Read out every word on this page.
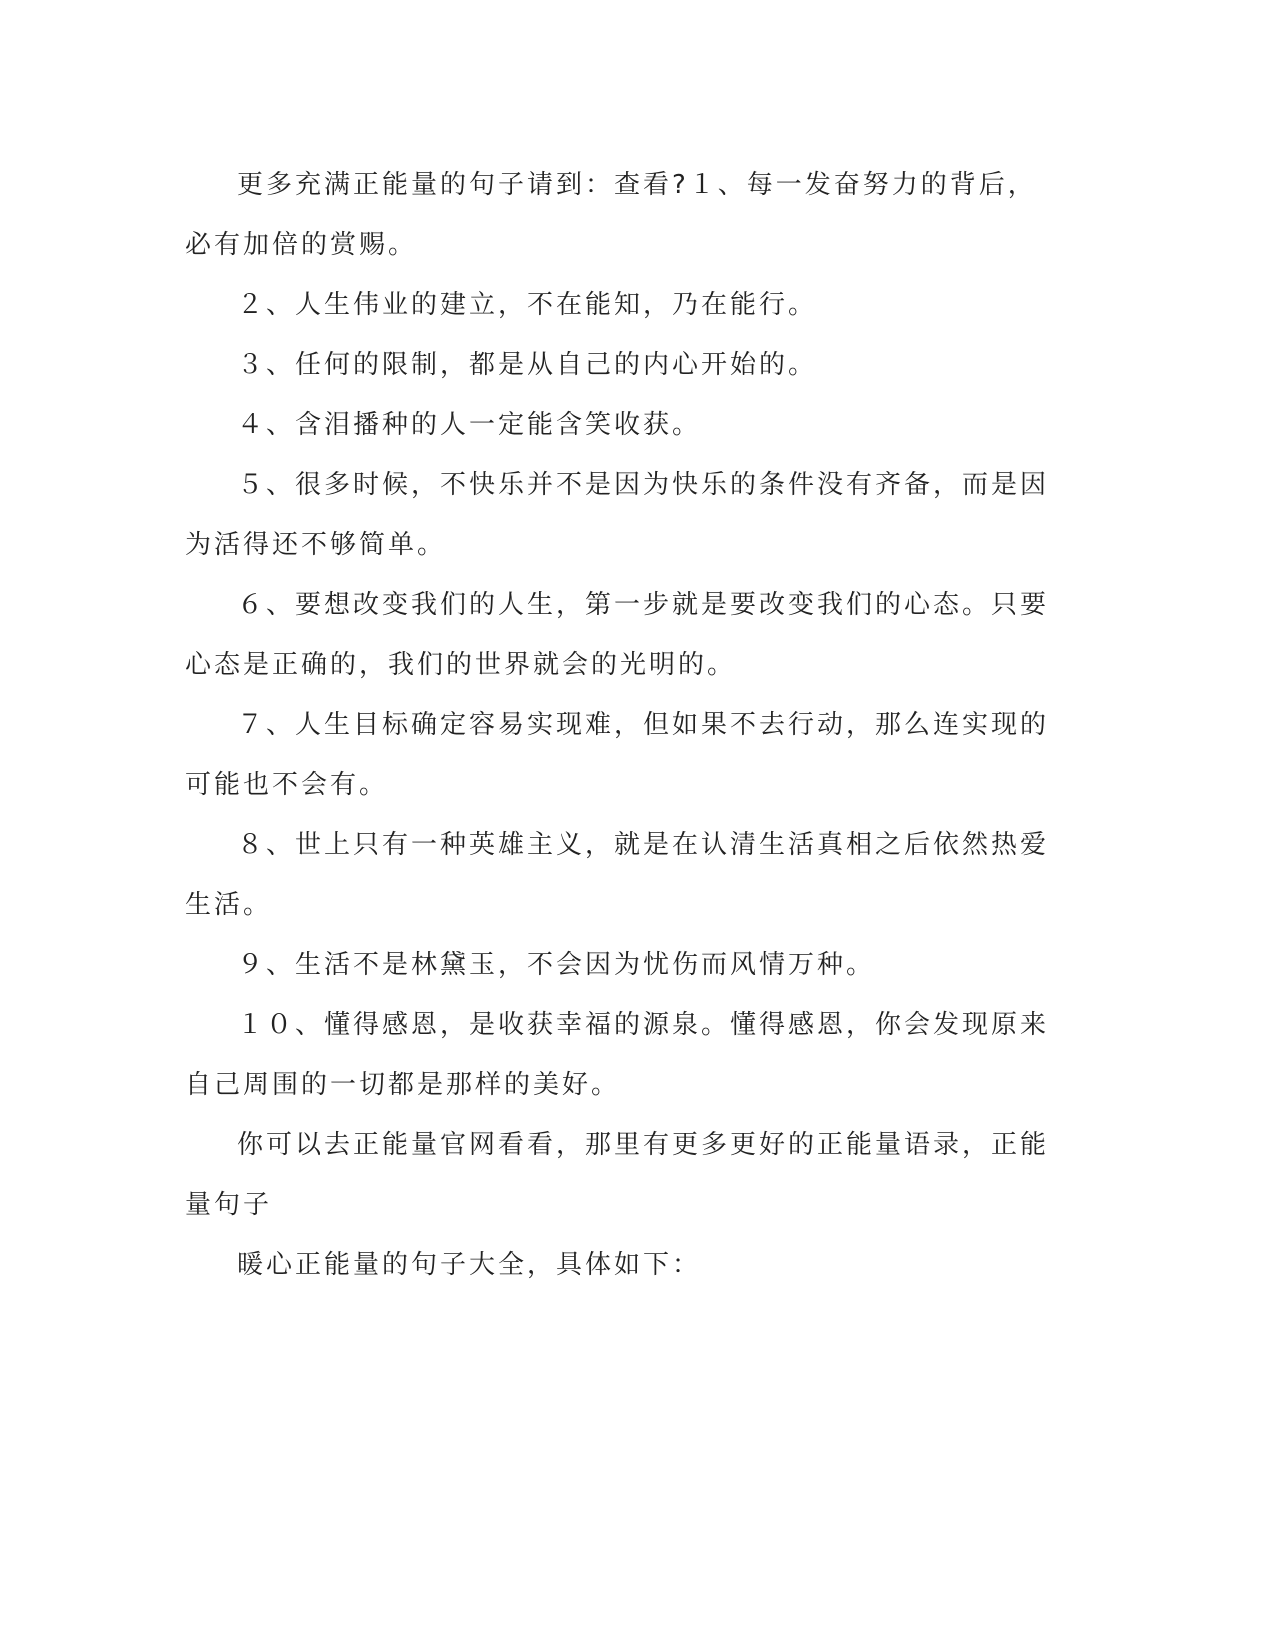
更多充满正能量的句子请到：查看?１、每一发奋努力的背后，必有加倍的赏赐。

２、人生伟业的建立，不在能知，乃在能行。

３、任何的限制，都是从自己的内心开始的。

４、含泪播种的人一定能含笑收获。

５、很多时候，不快乐并不是因为快乐的条件没有齐备，而是因为活得还不够简单。

６、要想改变我们的人生，第一步就是要改变我们的心态。只要心态是正确的，我们的世界就会的光明的。

７、人生目标确定容易实现难，但如果不去行动，那么连实现的可能也不会有。

８、世上只有一种英雄主义，就是在认清生活真相之后依然热爱生活。

９、生活不是林黛玉，不会因为忧伤而风情万种。

１０、懂得感恩，是收获幸福的源泉。懂得感恩，你会发现原来自己周围的一切都是那样的美好。

你可以去正能量官网看看，那里有更多更好的正能量语录，正能量句子

暖心正能量的句子大全，具体如下：
